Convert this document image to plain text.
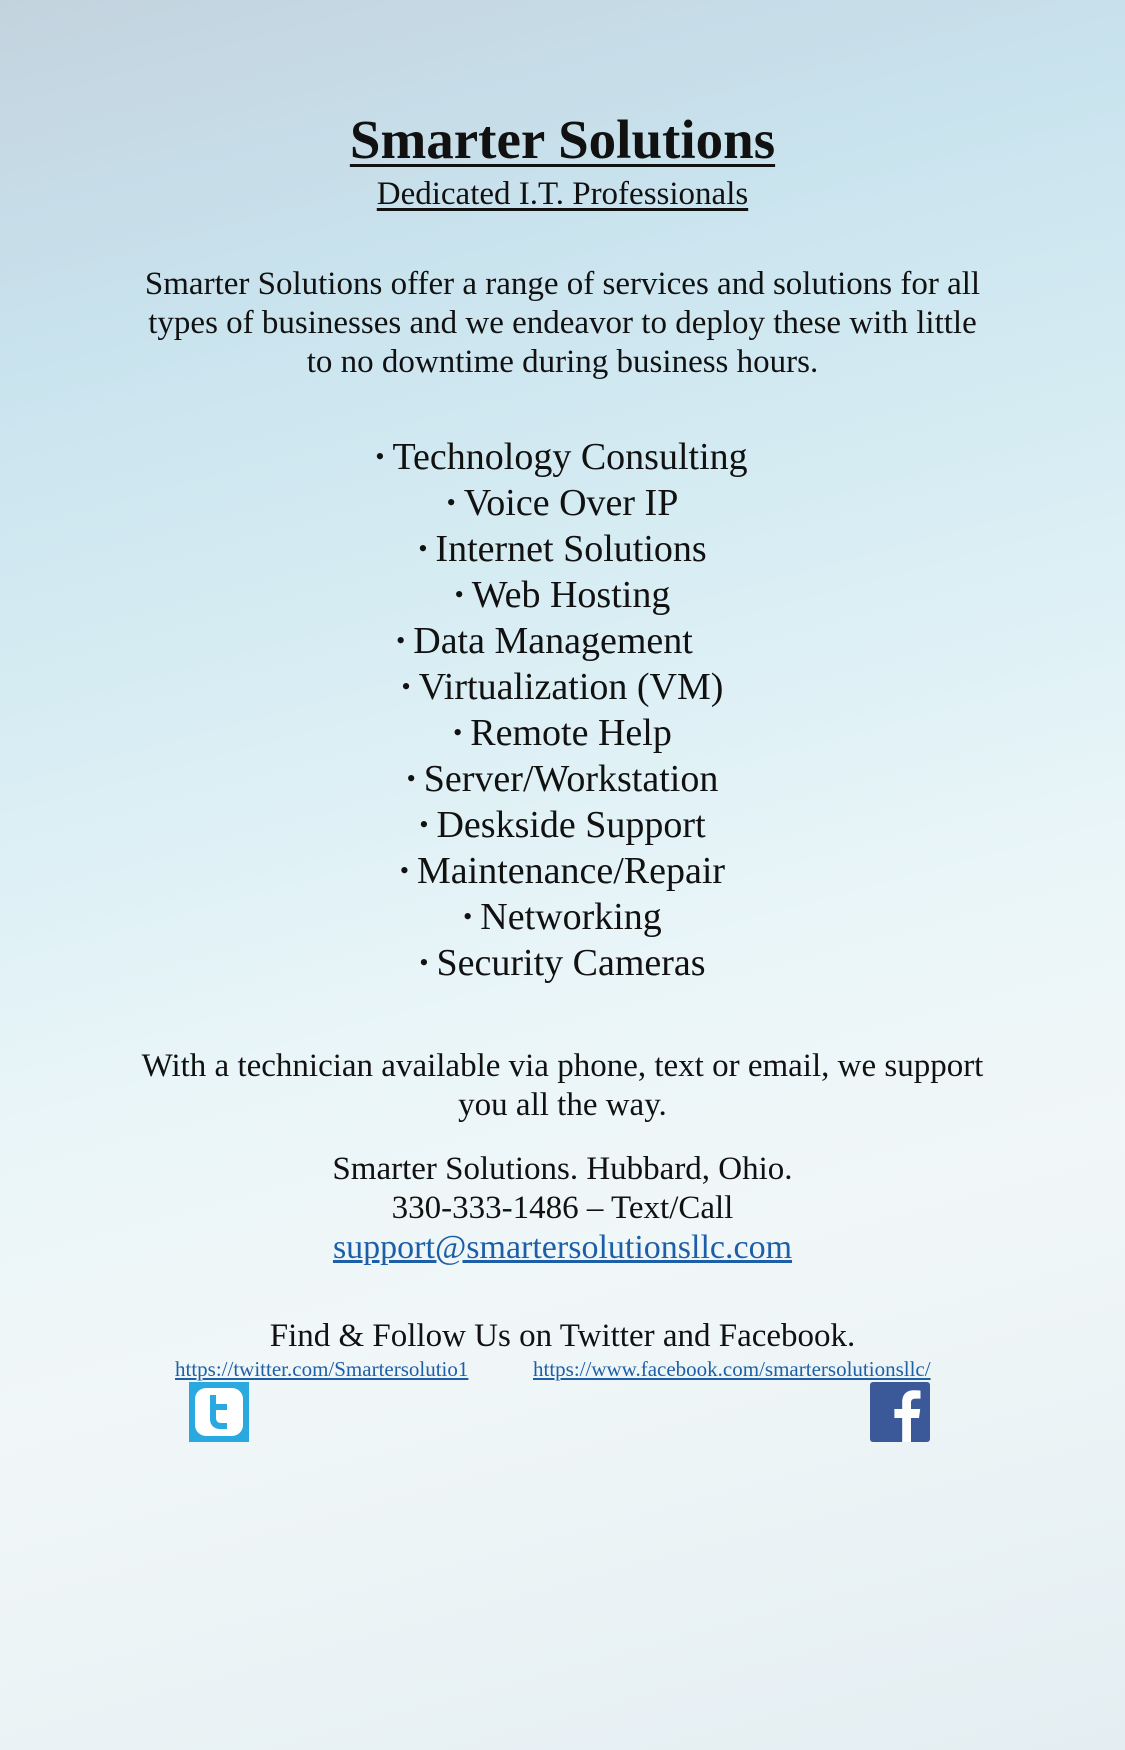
Smarter Solutions
Dedicated I.T. Professionals
Smarter Solutions offer a range of services and solutions for all
types of businesses and we endeavor to deploy these with little
to no downtime during business hours.
• Technology Consulting
• Voice Over IP
• Internet Solutions
• Web Hosting
• Data Management
• Virtualization (VM)
• Remote Help
• Server/Workstation
• Deskside Support
• Maintenance/Repair
• Networking
• Security Cameras
With a technician available via phone, text or email, we support
you all the way.
Smarter Solutions. Hubbard, Ohio.
330-333-1486 – Text/Call
support@smartersolutionsllc.com
Find & Follow Us on Twitter and Facebook.
https://twitter.com/Smartersolutio1	https://www.facebook.com/smartersolutionsllc/
